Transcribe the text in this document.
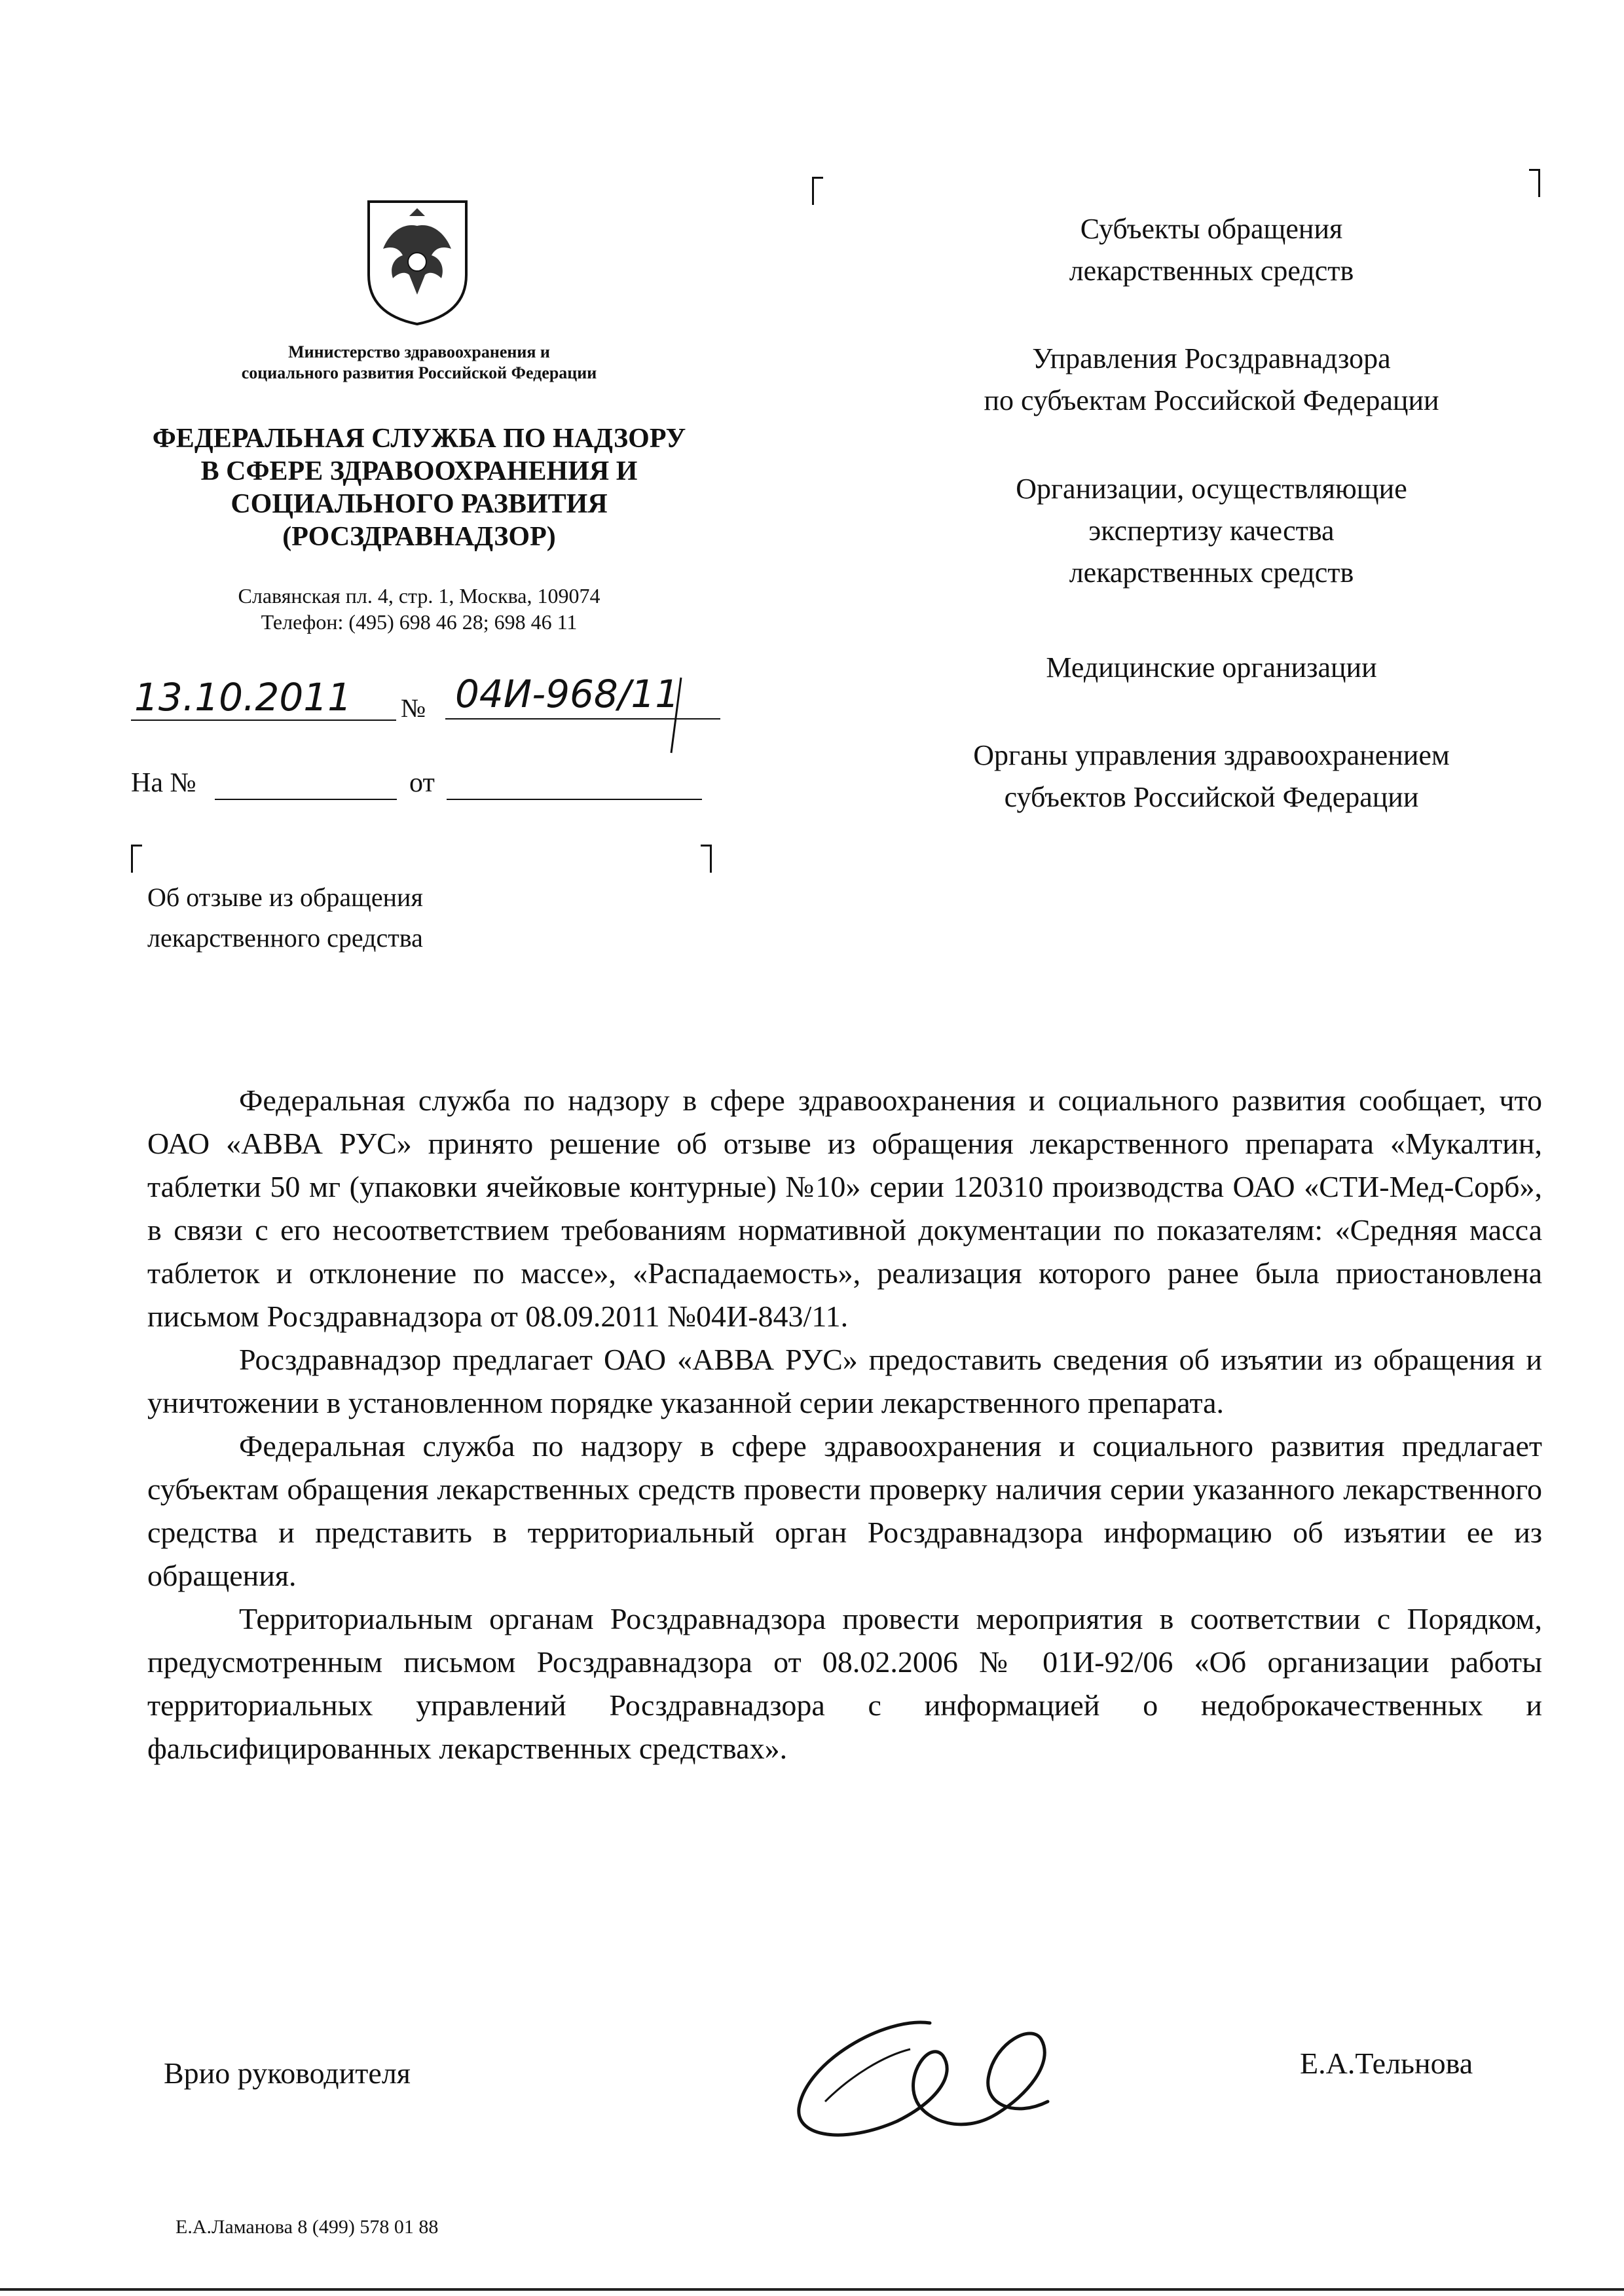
Министерство здравоохранения и
социального развития Российской Федерации
ФЕДЕРАЛЬНАЯ СЛУЖБА ПО НАДЗОРУ
В СФЕРЕ ЗДРАВООХРАНЕНИЯ И
СОЦИАЛЬНОГО РАЗВИТИЯ
(РОСЗДРАВНАДЗОР)
Славянская пл. 4, стр. 1, Москва, 109074
Телефон: (495) 698 46 28; 698 46 11
13.10.2011 № 04И-968/11
На №	от
Об отзыве из обращения
лекарственного средства
Субъекты обращения
лекарственных средств
Управления Росздравнадзора
по субъектам Российской Федерации
Организации, осуществляющие
экспертизу качества
лекарственных средств
Медицинские организации
Органы управления здравоохранением
субъектов Российской Федерации

Федеральная служба по надзору в сфере здравоохранения и социального развития сообщает, что ОАО «АВВА РУС» принято решение об отзыве из обращения лекарственного препарата «Мукалтин, таблетки 50 мг (упаковки ячейковые контурные) №10» серии 120310 производства ОАО «СТИ-Мед-Сорб», в связи с его несоответствием требованиям нормативной документации по показателям: «Средняя масса таблеток и отклонение по массе», «Распадаемость», реализация которого ранее была приостановлена письмом Росздравнадзора от 08.09.2011 №04И-843/11.

Росздравнадзор предлагает ОАО «АВВА РУС» предоставить сведения об изъятии из обращения и уничтожении в установленном порядке указанной серии лекарственного препарата.

Федеральная служба по надзору в сфере здравоохранения и социального развития предлагает субъектам обращения лекарственных средств провести проверку наличия серии указанного лекарственного средства и представить в территориальный орган Росздравнадзора информацию об изъятии ее из обращения.

Территориальным органам Росздравнадзора провести мероприятия в соответствии с Порядком, предусмотренным письмом Росздравнадзора от 08.02.2006 № 01И-92/06 «Об организации работы территориальных управлений Росздравнадзора с информацией о недоброкачественных и фальсифицированных лекарственных средствах».

Врио руководителя	Е.А.Тельнова
Е.А.Ламанова 8 (499) 578 01 88
